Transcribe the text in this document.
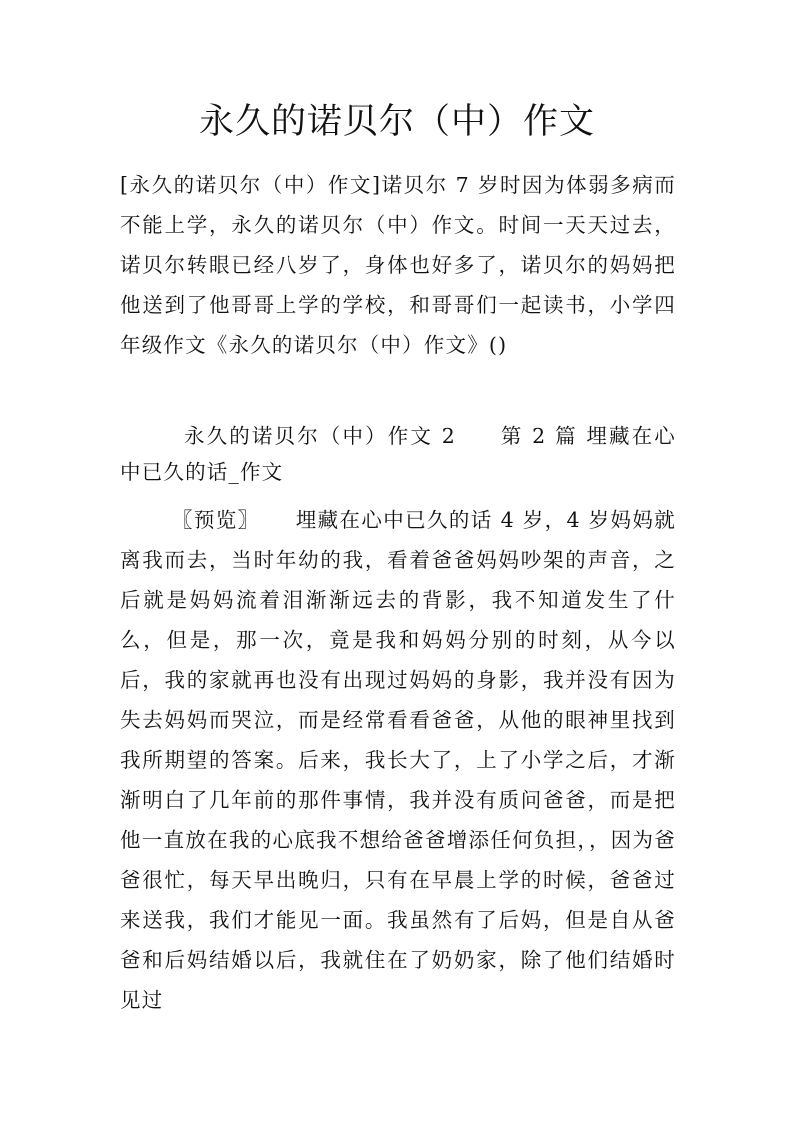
永久的诺贝尔（中）作文

[永久的诺贝尔（中）作文]诺贝尔 7 岁时因为体弱多病而不能上学，永久的诺贝尔（中）作文。时间一天天过去，诺贝尔转眼已经八岁了，身体也好多了，诺贝尔的妈妈把他送到了他哥哥上学的学校，和哥哥们一起读书，小学四年级作文《永久的诺贝尔（中）作文》()

永久的诺贝尔（中）作文 2 第 2 篇 埋藏在心中已久的话_作文

〖预览〗 埋藏在心中已久的话 4 岁，4 岁妈妈就离我而去，当时年幼的我，看着爸爸妈妈吵架的声音，之后就是妈妈流着泪渐渐远去的背影，我不知道发生了什么，但是，那一次，竟是我和妈妈分别的时刻，从今以后，我的家就再也没有出现过妈妈的身影，我并没有因为失去妈妈而哭泣，而是经常看看爸爸，从他的眼神里找到我所期望的答案。后来，我长大了，上了小学之后，才渐渐明白了几年前的那件事情，我并没有质问爸爸，而是把他一直放在我的心底我不想给爸爸增添任何负担，，因为爸爸很忙，每天早出晚归，只有在早晨上学的时候，爸爸过来送我，我们才能见一面。我虽然有了后妈，但是自从爸爸和后妈结婚以后，我就住在了奶奶家，除了他们结婚时见过
